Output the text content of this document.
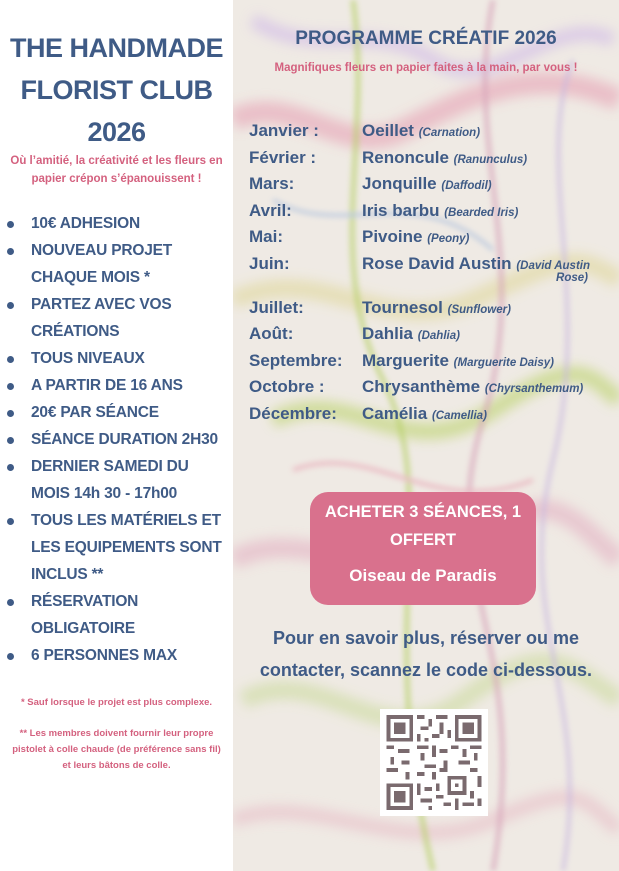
THE HANDMADE
FLORIST CLUB
2026
Où l’amitié, la créativité et les fleurs en papier crépon s’épanouissent !
10€ ADHESION
NOUVEAU PROJET CHAQUE MOIS *
PARTEZ AVEC VOS CRÉATIONS
TOUS NIVEAUX
A PARTIR DE 16 ANS
20€ PAR SÉANCE
SÉANCE DURATION 2H30
DERNIER SAMEDI DU MOIS 14h 30 - 17h00
TOUS LES MATÉRIELS ET LES EQUIPEMENTS SONT INCLUS **
RÉSERVATION OBLIGATOIRE
6 PERSONNES MAX
* Sauf lorsque le projet est plus complexe.
** Les membres doivent fournir leur propre pistolet à colle chaude (de préférence sans fil) et leurs bâtons de colle.
PROGRAMME CRÉATIF 2026
Magnifiques fleurs en papier faites à la main, par vous !
Janvier :	Oeillet (Carnation)
Février :	Renoncule (Ranunculus)
Mars:	Jonquille (Daffodil)
Avril:	Iris barbu (Bearded Iris)
Mai:	Pivoine (Peony)
Juin:	Rose David Austin (David Austin
Rose)
Juillet:	Tournesol (Sunflower)
Août:	Dahlia (Dahlia)
Septembre: Marguerite (Marguerite Daisy)
Octobre : Chrysanthème (Chyrsanthemum)
Décembre: Camélia (Camellia)
ACHETER 3 SÉANCES, 1
OFFERT
Oiseau de Paradis
Pour en savoir plus, réserver ou me
contacter, scannez le code ci-dessous.
